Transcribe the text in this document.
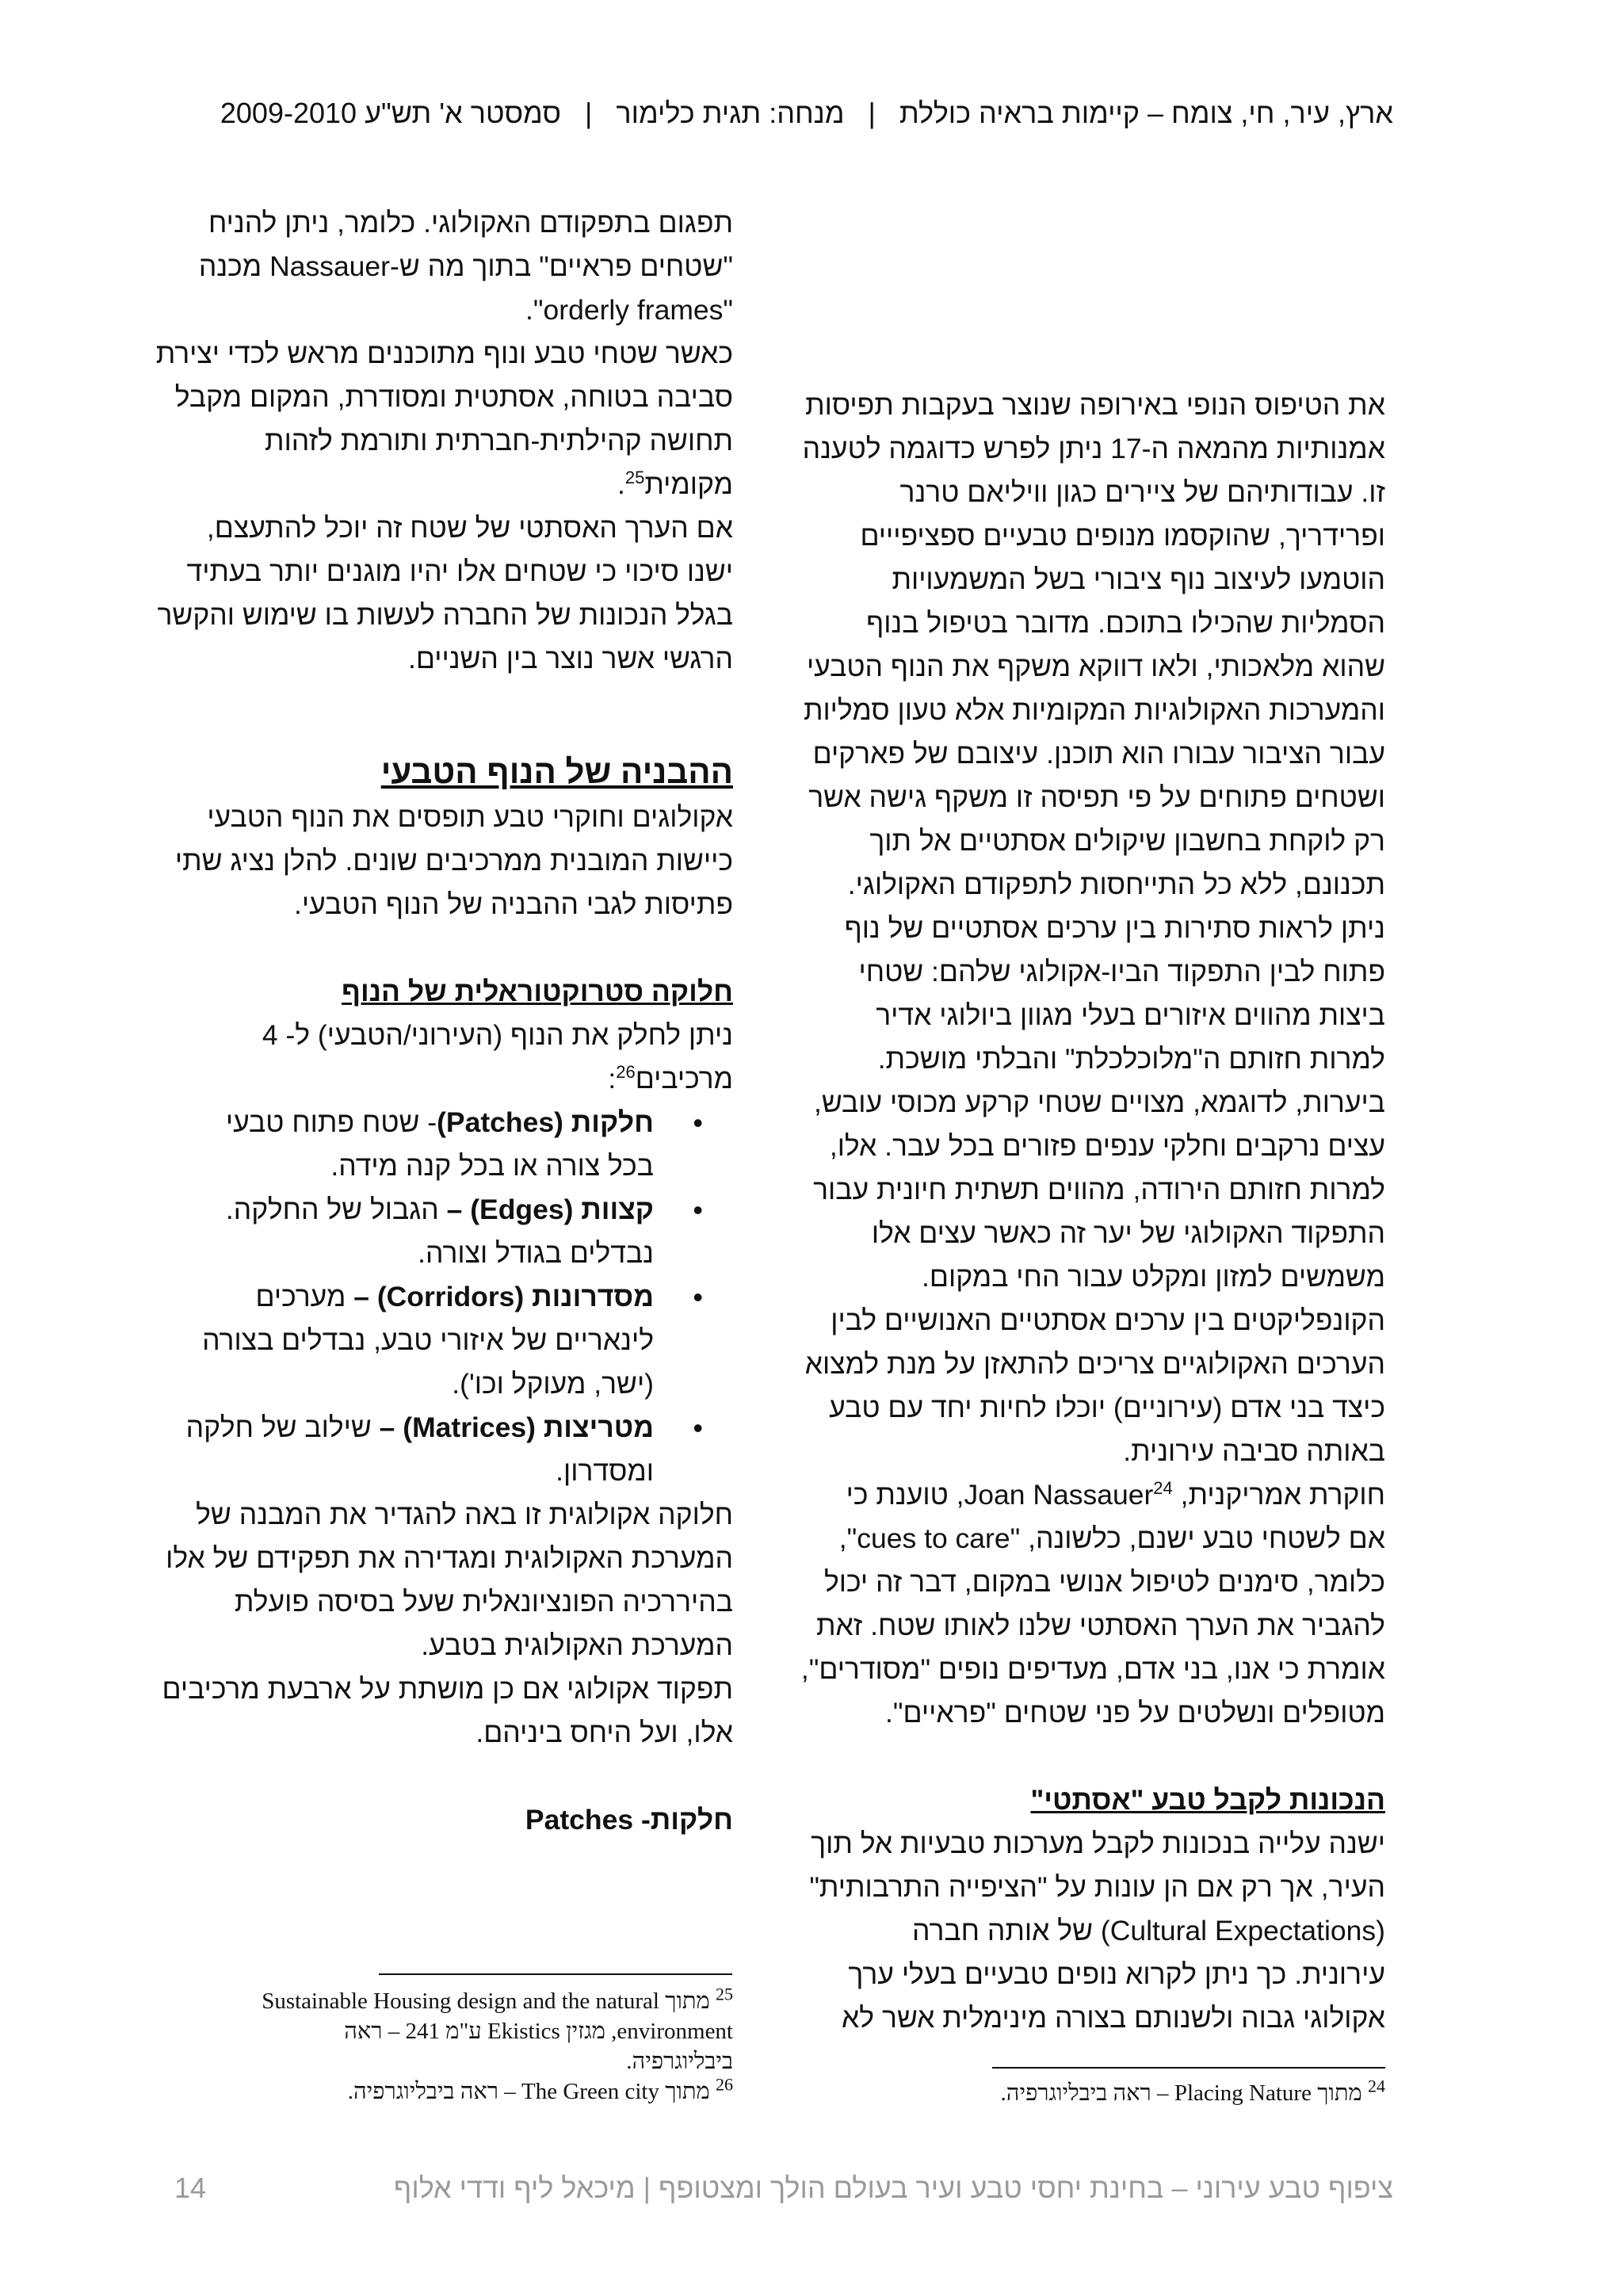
ארץ, עיר, חי, צומח – קיימות בראיה כוללת   |   מנחה: תגית כלימור   |   סמסטר א' תש"ע 2009-2010

את הטיפוס הנופי באירופה שנוצר בעקבות תפיסות

אמנותיות מהמאה ה-17 ניתן לפרש כדוגמה לטענה

זו. עבודותיהם של ציירים כגון וויליאם טרנר

ופרידריך, שהוקסמו מנופים טבעיים ספציפייים

הוטמעו לעיצוב נוף ציבורי בשל המשמעויות

הסמליות שהכילו בתוכם. מדובר בטיפול בנוף

שהוא מלאכותי, ולאו דווקא משקף את הנוף הטבעי

והמערכות האקולוגיות המקומיות אלא טעון סמליות

עבור הציבור עבורו הוא תוכנן. עיצובם של פארקים

ושטחים פתוחים על פי תפיסה זו משקף גישה אשר

רק לוקחת בחשבון שיקולים אסתטיים אל תוך

תכנונם, ללא כל התייחסות לתפקודם האקולוגי.

ניתן לראות סתירות בין ערכים אסתטיים של נוף

פתוח לבין התפקוד הביו-אקולוגי שלהם: שטחי

ביצות מהווים איזורים בעלי מגוון ביולוגי אדיר

למרות חזותם ה"מלוכלכלת" והבלתי מושכת.

ביערות, לדוגמא, מצויים שטחי קרקע מכוסי עובש,

עצים נרקבים וחלקי ענפים פזורים בכל עבר. אלו,

למרות חזותם הירודה, מהווים תשתית חיונית עבור

התפקוד האקולוגי של יער זה כאשר עצים אלו

משמשים למזון ומקלט עבור החי במקום.

הקונפליקטים בין ערכים אסתטיים האנושיים לבין

הערכים האקולוגיים צריכים להתאזן על מנת למצוא

כיצד בני אדם (עירוניים) יוכלו לחיות יחד עם טבע

באותה סביבה עירונית.

חוקרת אמריקנית, Joan Nassauer$^{24}$, טוענת כי

אם לשטחי טבע ישנם, כלשונה, "cues to care",

כלומר, סימנים לטיפול אנושי במקום, דבר זה יכול

להגביר את הערך האסתטי שלנו לאותו שטח. זאת

אומרת כי אנו, בני אדם, מעדיפים נופים "מסודרים",

מטופלים ונשלטים על פני שטחים "פראיים".

הנכונות לקבל טבע "אסתטי"

ישנה עלייה בנכונות לקבל מערכות טבעיות אל תוך

העיר, אך רק אם הן עונות על "הציפייה התרבותית"

(Cultural Expectations) של אותה חברה

עירונית. כך ניתן לקרוא נופים טבעיים בעלי ערך

אקולוגי גבוה ולשנותם בצורה מינימלית אשר לא

תפגום בתפקודם האקולוגי. כלומר, ניתן להניח

"שטחים פראיים" בתוך מה ש-Nassauer מכנה

"orderly frames".

כאשר שטחי טבע ונוף מתוכננים מראש לכדי יצירת

סביבה בטוחה, אסתטית ומסודרת, המקום מקבל

תחושה קהילתית-חברתית ותורמת לזהות

מקומית$^{25}$.

אם הערך האסתטי של שטח זה יוכל להתעצם,

ישנו סיכוי כי שטחים אלו יהיו מוגנים יותר בעתיד

בגלל הנכונות של החברה לעשות בו שימוש והקשר

הרגשי אשר נוצר בין השניים.

ההבניה של הנוף הטבעי

אקולוגים וחוקרי טבע תופסים את הנוף הטבעי

כיישות המובנית ממרכיבים שונים. להלן נציג שתי

פתיסות לגבי ההבניה של הנוף הטבעי.

חלוקה סטרוקטוראלית של הנוף

ניתן לחלק את הנוף (העירוני/הטבעי) ל- 4

מרכיבים$^{26}$:

• חלקות (Patches)- שטח פתוח טבעי

בכל צורה או בכל קנה מידה.

• קצוות (Edges) – הגבול של החלקה.

נבדלים בגודל וצורה.

• מסדרונות (Corridors) – מערכים

לינאריים של איזורי טבע, נבדלים בצורה

(ישר, מעוקל וכו').

• מטריצות (Matrices) – שילוב של חלקה

ומסדרון.

חלוקה אקולוגית זו באה להגדיר את המבנה של

המערכת האקולוגית ומגדירה את תפקידם של אלו

בהיררכיה הפונציונאלית שעל בסיסה פועלת

המערכת האקולוגית בטבע.

תפקוד אקולוגי אם כן מושתת על ארבעת מרכיבים

אלו, ועל היחס ביניהם.

חלקות- Patches

$^{25}$ מתוך Sustainable Housing design and the natural

environment, מגזין Ekistics ע"מ 241 – ראה

ביבליוגרפיה.

$^{26}$ מתוך The Green city – ראה ביבליוגרפיה.	$^{24}$ מתוך Placing Nature – ראה ביבליוגרפיה.

ציפוף טבע עירוני – בחינת יחסי טבע ועיר בעולם הולך ומצטופף | מיכאל ליף ודדי אלוף
14
